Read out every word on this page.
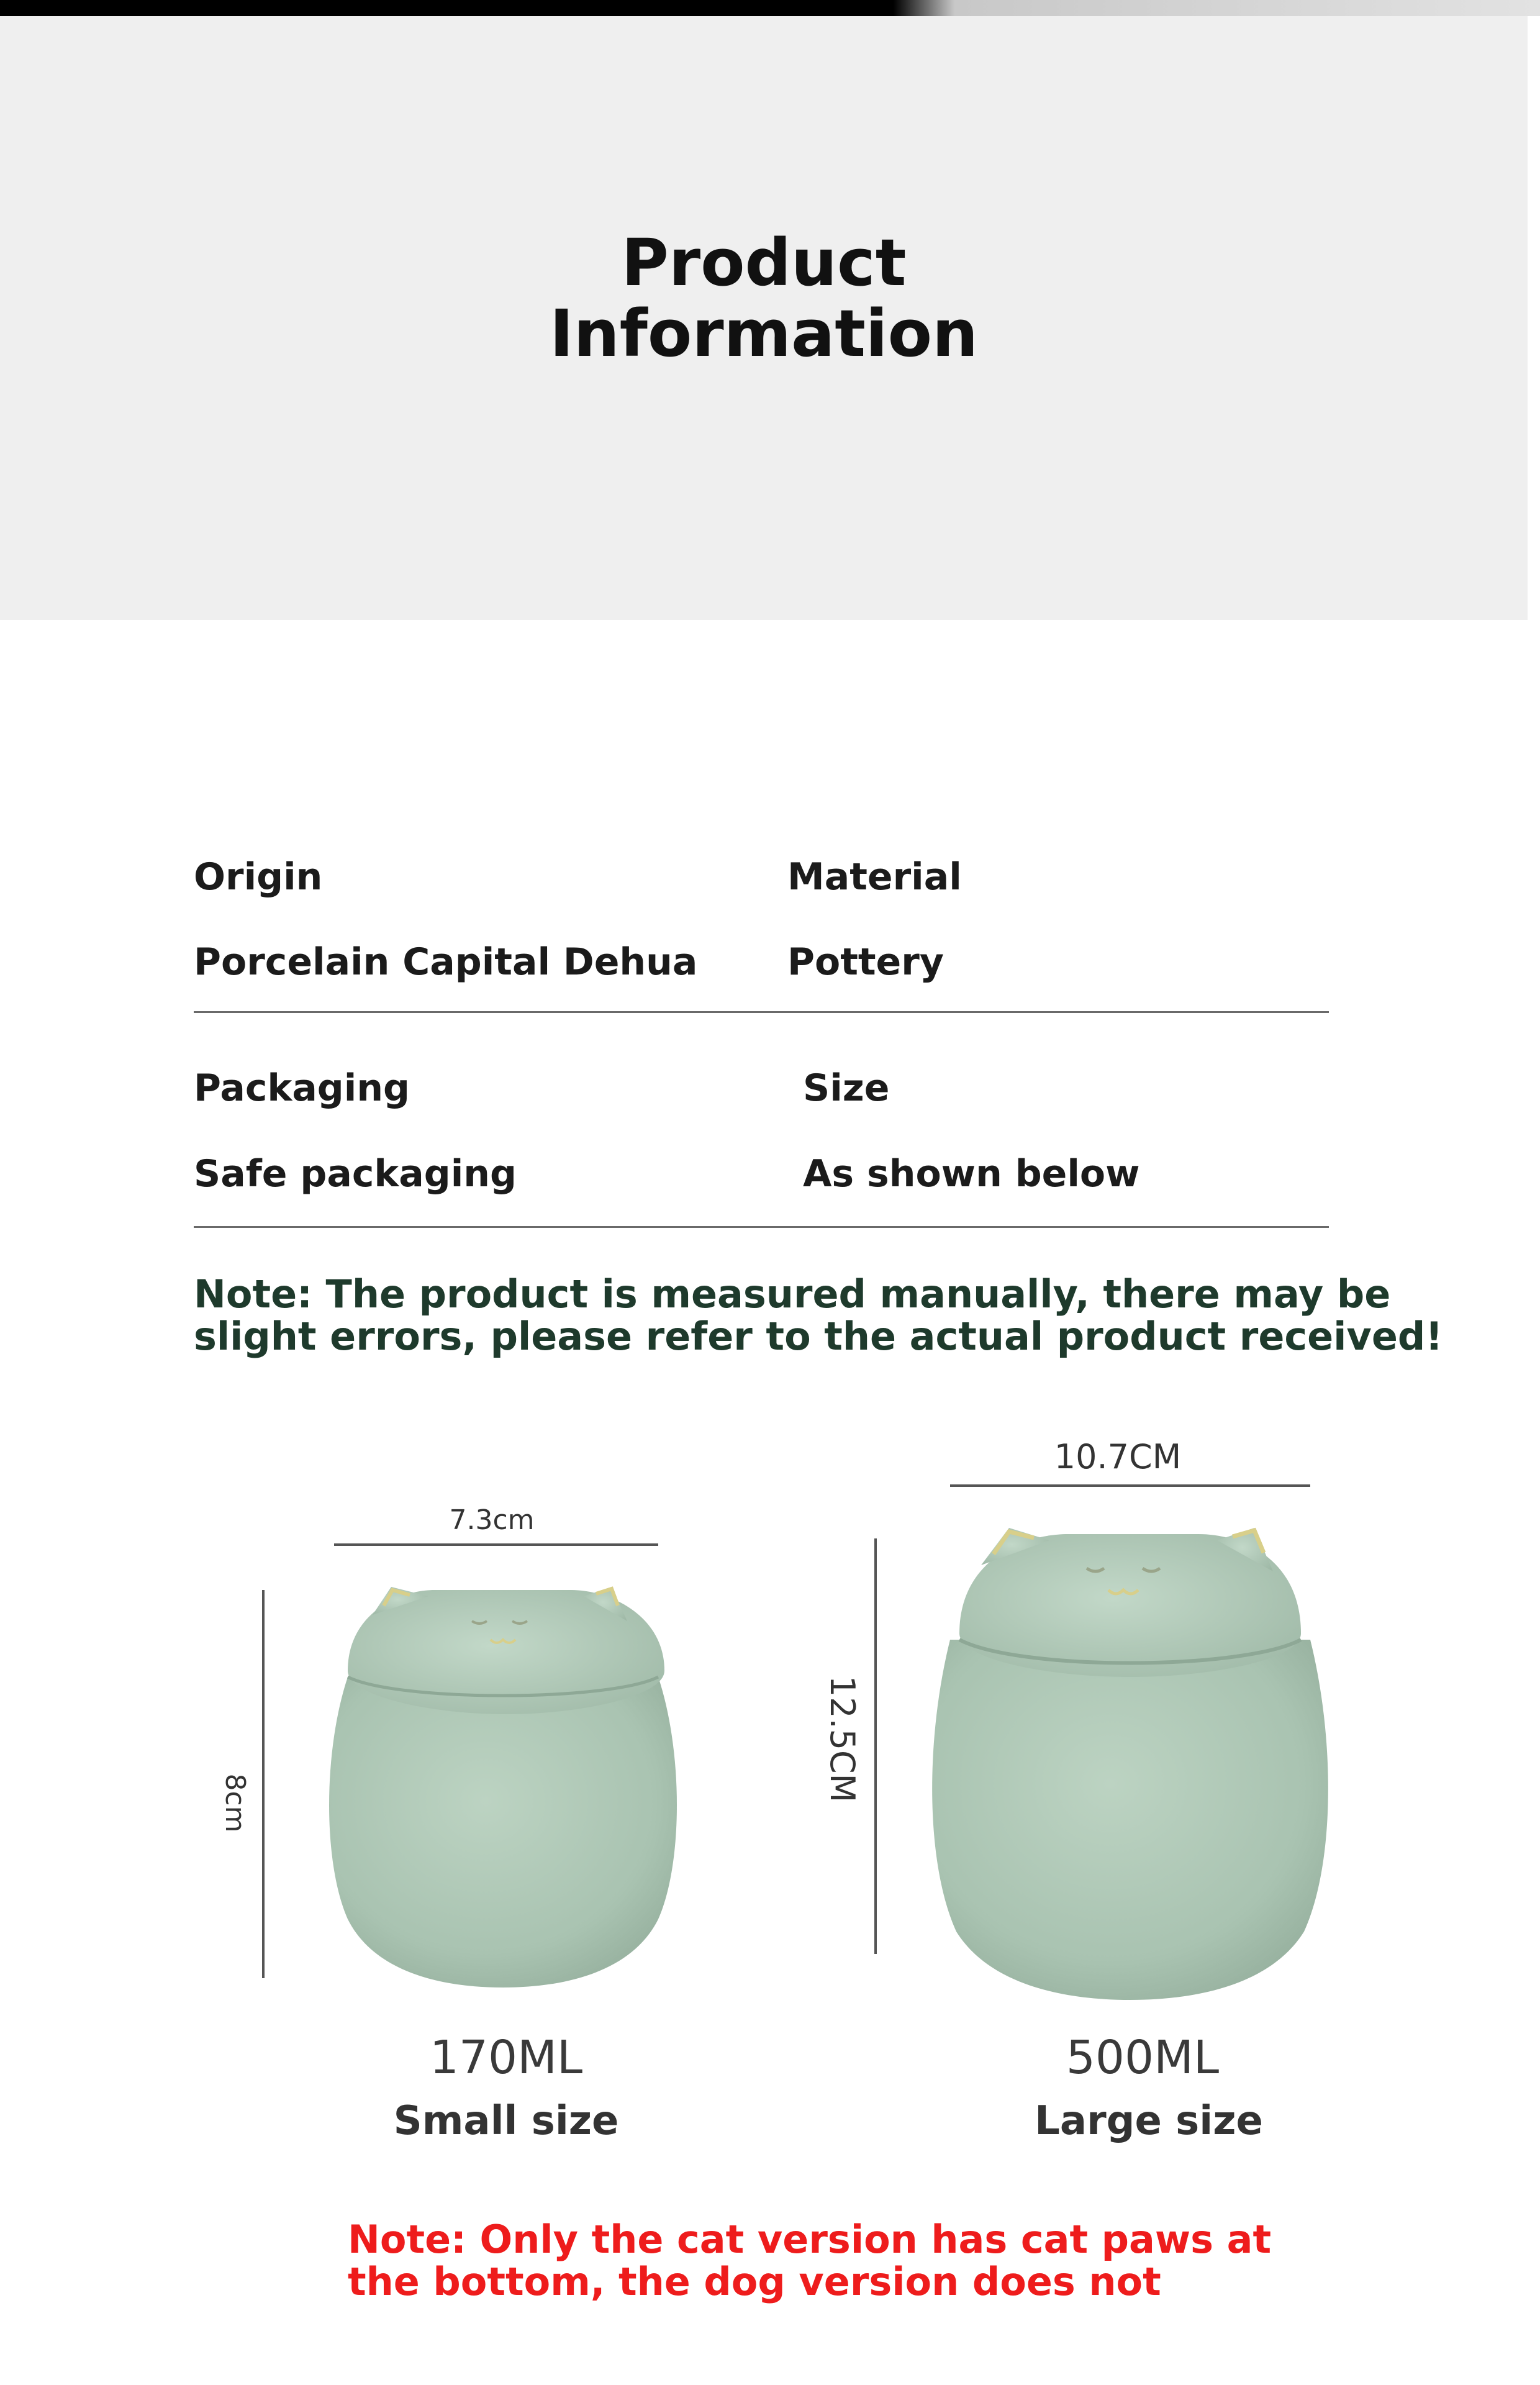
Product
Information
Origin
Porcelain Capital Dehua
Material
Pottery
Packaging
Safe packaging
Size
As shown below
Note: The product is measured manually, there may be
slight errors, please refer to the actual product received!
7.3cm
8cm
10.7CM
12.5CM
170ML
Small size
500ML
Large size
Note: Only the cat version has cat paws at
the bottom, the dog version does not
